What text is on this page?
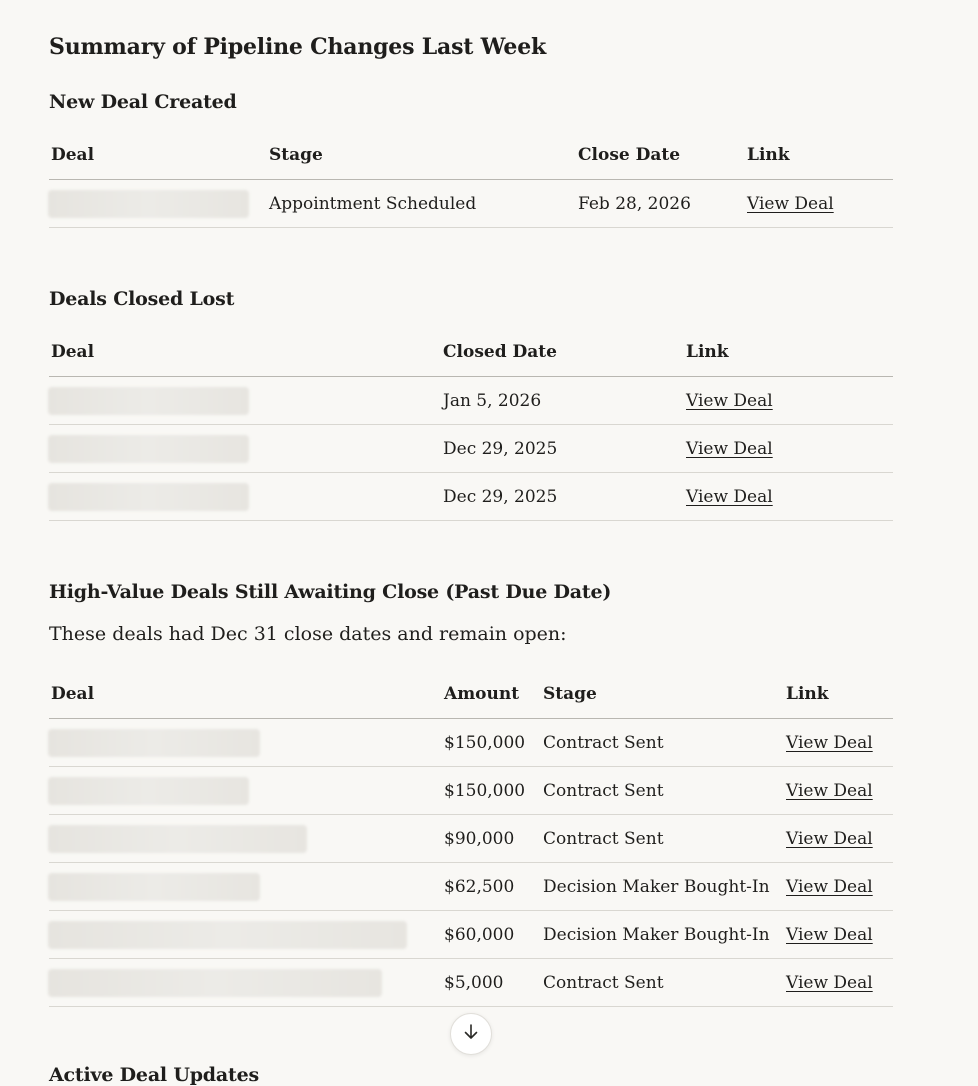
Summary of Pipeline Changes Last Week
New Deal Created
Deal	Stage	Close Date	Link
	Appointment Scheduled	Feb 28, 2026	View Deal
Deals Closed Lost
Deal	Closed Date	Link
	Jan 5, 2026	View Deal
	Dec 29, 2025	View Deal
	Dec 29, 2025	View Deal
High-Value Deals Still Awaiting Close (Past Due Date)

These deals had Dec 31 close dates and remain open:

Deal	Amount	Stage	Link
	$150,000	Contract Sent	View Deal
	$150,000	Contract Sent	View Deal
	$90,000	Contract Sent	View Deal
	$62,500	Decision Maker Bought-In	View Deal
	$60,000	Decision Maker Bought-In	View Deal
	$5,000	Contract Sent	View Deal
Active Deal Updates
